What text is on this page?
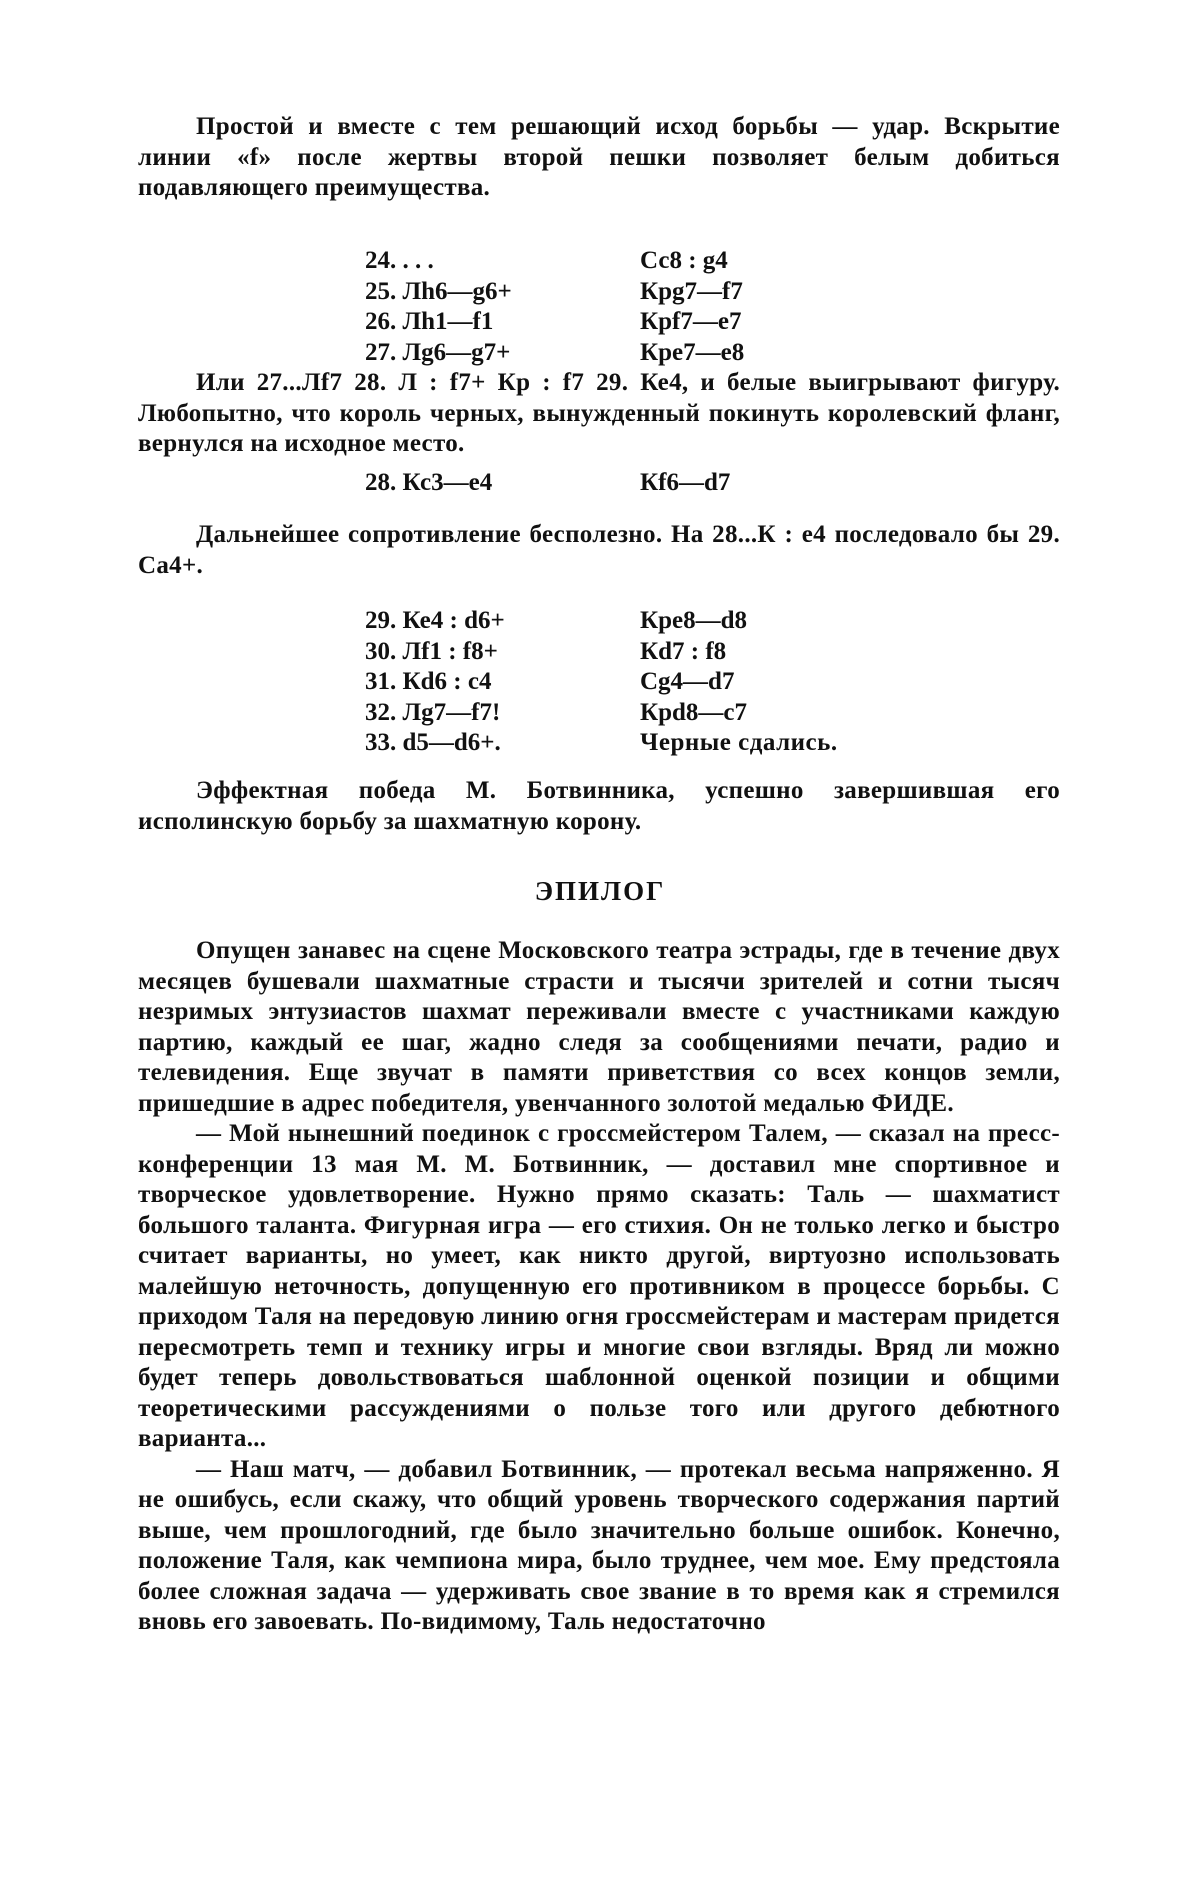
Простой и вместе с тем решающий исход борьбы — удар. Вскрытие линии «f» после жертвы второй пешки позволяет белым добиться подавляющего преимущества.

24. . . .	Сс8 : g4
25. Лh6—g6+	Крg7—f7
26. Лh1—f1	Крf7—е7
27. Лg6—g7+	Кре7—е8

Или 27...Лf7 28. Л : f7+ Кр : f7 29. Ке4, и белые выигрывают фигуру. Любопытно, что король черных, вынужденный покинуть королевский фланг, вернулся на исходное место.

28. Кс3—е4	Кf6—d7

Дальнейшее сопротивление бесполезно. На 28...К : е4 последовало бы 29. Са4+.

29. Ке4 : d6+	Кре8—d8
30. Лf1 : f8+	Кd7 : f8
31. Кd6 : с4	Сg4—d7
32. Лg7—f7!	Крd8—с7
33. d5—d6+.	Черные сдались.

Эффектная победа М. Ботвинника, успешно завершившая его исполинскую борьбу за шахматную корону.

ЭПИЛОГ

Опущен занавес на сцене Московского театра эстрады, где в течение двух месяцев бушевали шахматные страсти и тысячи зрителей и сотни тысяч незримых энтузиастов шахмат переживали вместе с участниками каждую партию, каждый ее шаг, жадно следя за сообщениями печати, радио и телевидения. Еще звучат в памяти приветствия со всех концов земли, пришедшие в адрес победителя, увенчанного золотой медалью ФИДЕ.

— Мой нынешний поединок с гроссмейстером Талем, — сказал на пресс-конференции 13 мая М. М. Ботвинник, — доставил мне спортивное и творческое удовлетворение. Нужно прямо сказать: Таль — шахматист большого таланта. Фигурная игра — его стихия. Он не только легко и быстро считает варианты, но умеет, как никто другой, виртуозно использовать малейшую неточность, допущенную его противником в процессе борьбы. С приходом Таля на передовую линию огня гроссмейстерам и мастерам придется пересмотреть темп и технику игры и многие свои взгляды. Вряд ли можно будет теперь довольствоваться шаблонной оценкой позиции и общими теоретическими рассуждениями о пользе того или другого дебютного варианта...

— Наш матч, — добавил Ботвинник, — протекал весьма напряженно. Я не ошибусь, если скажу, что общий уровень творческого содержания партий выше, чем прошлогодний, где было значительно больше ошибок. Конечно, положение Таля, как чемпиона мира, было труднее, чем мое. Ему предстояла более сложная задача — удерживать свое звание в то время как я стремился вновь его завоевать. По-видимому, Таль недостаточно
